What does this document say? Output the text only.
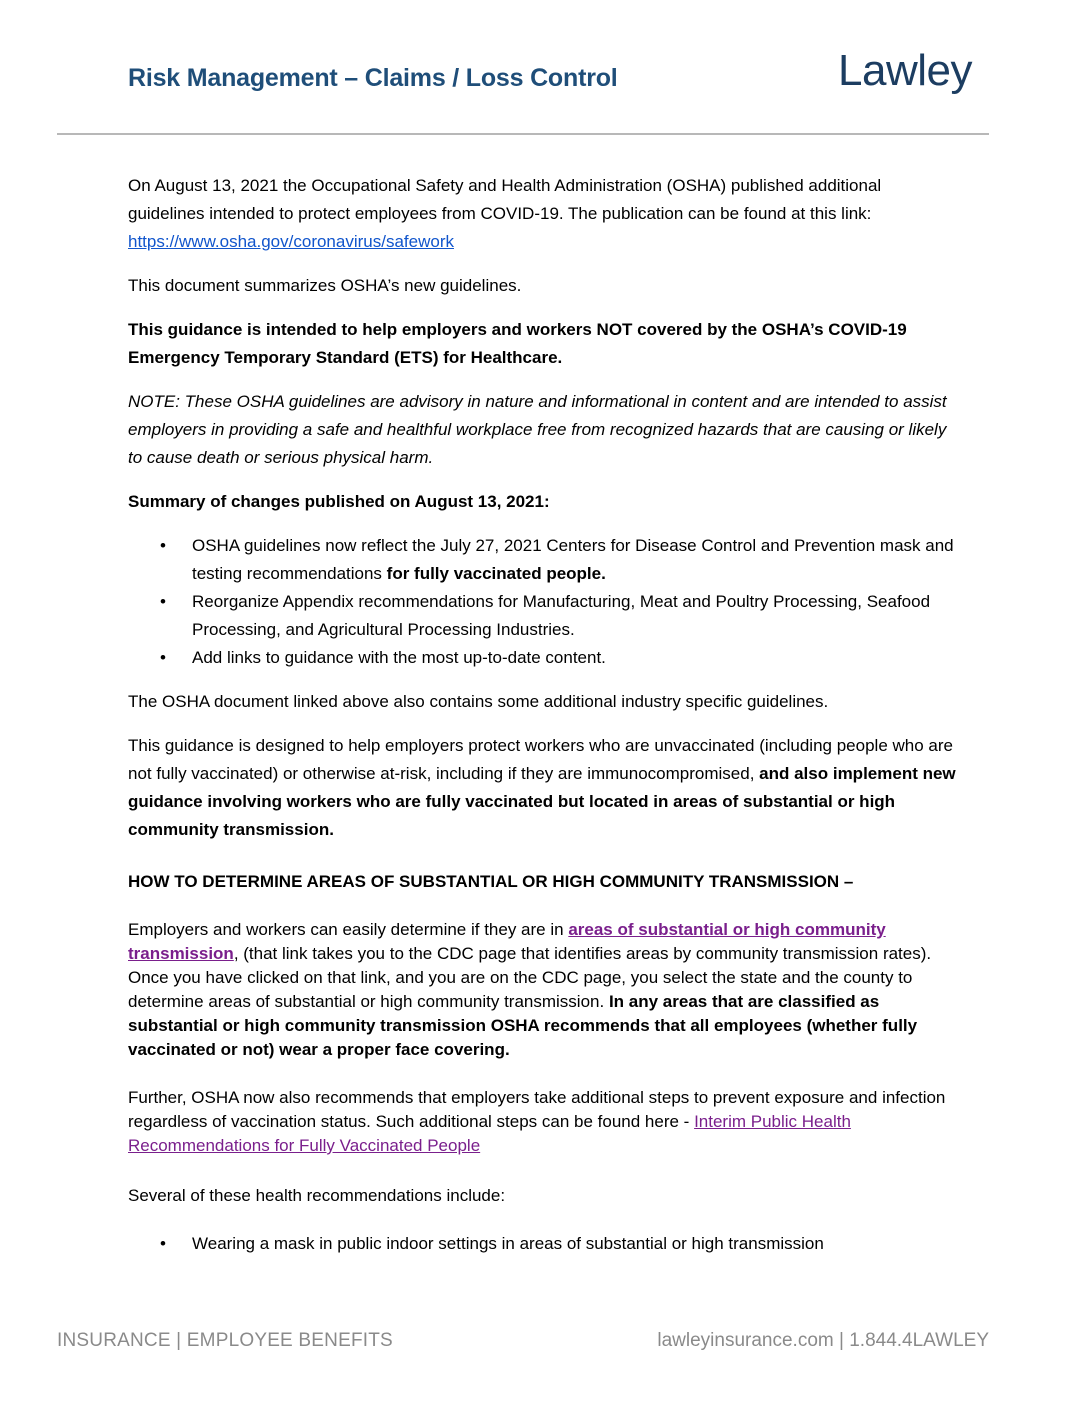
Risk Management – Claims / Loss Control	Lawley

On August 13, 2021 the Occupational Safety and Health Administration (OSHA) published additional guidelines intended to protect employees from COVID-19. The publication can be found at this link:
https://www.osha.gov/coronavirus/safework

This document summarizes OSHA’s new guidelines.

This guidance is intended to help employers and workers NOT covered by the OSHA’s COVID-19 Emergency Temporary Standard (ETS) for Healthcare.

NOTE: These OSHA guidelines are advisory in nature and informational in content and are intended to assist employers in providing a safe and healthful workplace free from recognized hazards that are causing or likely to cause death or serious physical harm.

Summary of changes published on August 13, 2021:

• OSHA guidelines now reflect the July 27, 2021 Centers for Disease Control and Prevention mask and testing recommendations for fully vaccinated people.
• Reorganize Appendix recommendations for Manufacturing, Meat and Poultry Processing, Seafood Processing, and Agricultural Processing Industries.
• Add links to guidance with the most up-to-date content.

The OSHA document linked above also contains some additional industry specific guidelines.

This guidance is designed to help employers protect workers who are unvaccinated (including people who are not fully vaccinated) or otherwise at-risk, including if they are immunocompromised, and also implement new guidance involving workers who are fully vaccinated but located in areas of substantial or high community transmission.

HOW TO DETERMINE AREAS OF SUBSTANTIAL OR HIGH COMMUNITY TRANSMISSION –

Employers and workers can easily determine if they are in areas of substantial or high community transmission, (that link takes you to the CDC page that identifies areas by community transmission rates). Once you have clicked on that link, and you are on the CDC page, you select the state and the county to determine areas of substantial or high community transmission. In any areas that are classified as substantial or high community transmission OSHA recommends that all employees (whether fully vaccinated or not) wear a proper face covering.

Further, OSHA now also recommends that employers take additional steps to prevent exposure and infection regardless of vaccination status. Such additional steps can be found here - Interim Public Health Recommendations for Fully Vaccinated People

Several of these health recommendations include:

• Wearing a mask in public indoor settings in areas of substantial or high transmission
INSURANCE | EMPLOYEE BENEFITS	lawleyinsurance.com | 1.844.4LAWLEY
